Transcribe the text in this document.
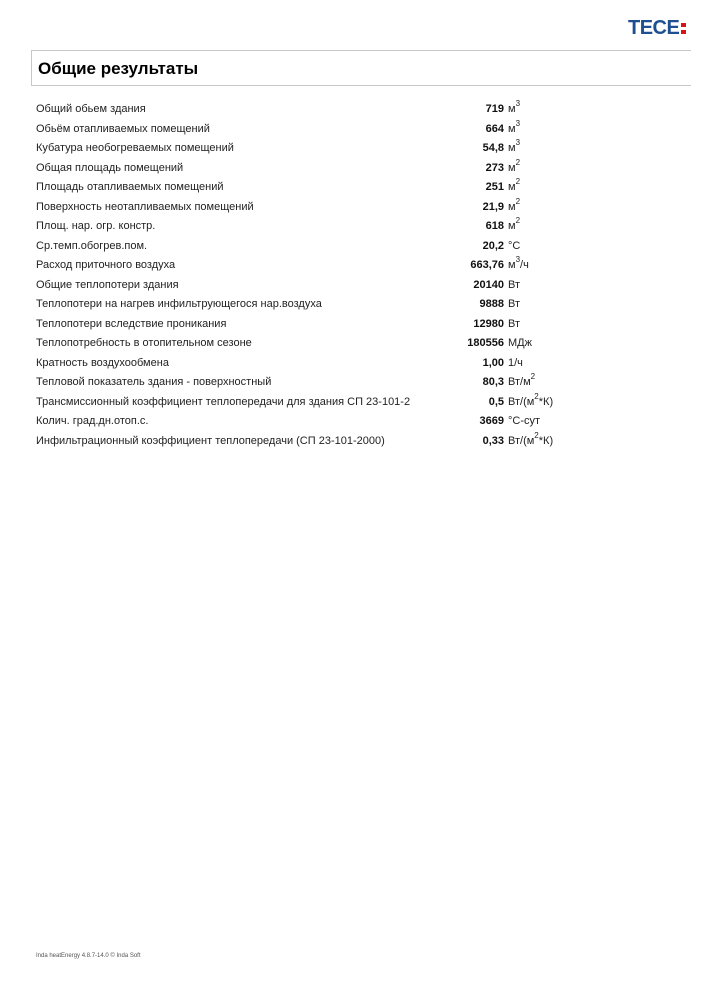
TECE
Общие результаты
Общий обьем здания	719 $м^3$
Обьём отапливаемых помещений	664 $м^3$
Кубатура необогреваемых помещений	54,8 $м^3$
Общая площадь помещений	273 $м^2$
Площадь отапливаемых помещений	251 $м^2$
Поверхность неотапливаемых помещений	21,9 $м^2$
Площ. нар. огр. констр.	618 $м^2$
Ср.темп.обогрев.пом.	20,2 °С
Расход приточного воздуха	663,76 $м^3/ч$
Общие теплопотери здания	20140 Вт
Теплопотери на нагрев инфильтрующегося нар.воздуха	9888 Вт
Теплопотери вследствие проникания	12980 Вт
Теплопотребность в отопительном сезоне	180556 МДж
Кратность воздухообмена	1,00 1/ч
Тепловой показатель здания - поверхностный	80,3 $Вт/м^2$
Трансмиссионный коэффициент теплопередачи для здания СП 23-101-2	0,5 $Вт/(м^2*К)$
Колич. град.дн.отоп.с.	3669 °С-сут
Инфильтрационный коэффициент теплопередачи (СП 23-101-2000)	0,33 $Вт/(м^2*К)$
Inda heatEnergy 4.8.7-14.0 © Inda Soft
